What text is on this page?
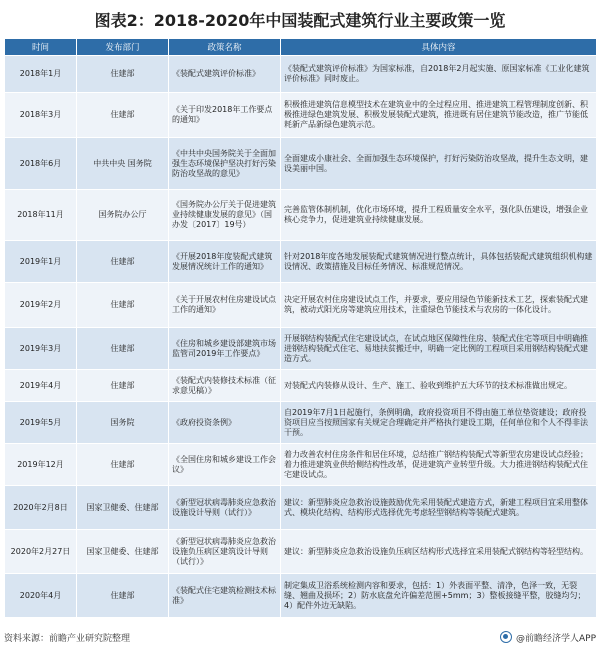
图表2：2018-2020年中国装配式建筑行业主要政策一览
时间	发布部门	政策名称	具体内容
2018年1月	住建部	《装配式建筑评价标准》	《装配式建筑评价标准》为国家标准，自2018年2月起实施、原国家标准《工业化建筑评价标准》同时废止。
2018年3月	住建部	《关于印发2018年工作要点的通知》	积极推进建筑信息模型技术在建筑业中的全过程应用、推进建筑工程管理制度创新、积极推进绿色建筑发展、积极发展装配式建筑，推进既有居住建筑节能改造，推广节能低耗新产品新绿色建筑示范。
2018年6月	中共中央 国务院	《中共中央国务院关于全面加强生态环境保护坚决打好污染防治攻坚战的意见》	全面建成小康社会、全面加强生态环境保护，打好污染防治攻坚战，提升生态文明，建设美丽中国。
2018年11月	国务院办公厅	《国务院办公厅关于促进建筑业持续健康发展的意见》（国办发〔2017〕19号）	完善监管体制机制，优化市场环境，提升工程质量安全水平，强化队伍建设，增强企业核心竞争力，促进建筑业持续健康发展。
2019年1月	住建部	《开展2018年度装配式建筑发展情况统计工作的通知》	针对2018年度各地发展装配式建筑情况进行整点统计，具体包括装配式建筑组织机构建设情况、政策措施及目标任务情况、标准规范情况。
2019年2月	住建部	《关于开展农村住房建设试点工作的通知》	决定开展农村住房建设试点工作，并要求，要应用绿色节能新技术工艺，探索装配式建筑，被动式阳光房等建筑应用技术，注重绿色节能技术与农房的一体化设计。
2019年3月	住建部	《住房和城乡建设部建筑市场监管司2019年工作要点》	开展钢结构装配式住宅建设试点，在试点地区保障性住房、装配式住宅等项目中明确推进钢结构装配式住宅、易地扶贫搬迁中，明确一定比例的工程项目采用钢结构装配式建造方式。
2019年4月	住建部	《装配式内装修技术标准（征求意见稿）》	对装配式内装修从设计、生产、施工、验收到维护五大环节的技术标准做出规定。
2019年5月	国务院	《政府投资条例》	自2019年7月1日起施行，条例明确，政府投资项目不得由施工单位垫资建设；政府投资项目应当按照国家有关规定合理确定并严格执行建设工期，任何单位和个人不得非法干预。
2019年12月	住建部	《全国住房和城乡建设工作会议》	着力改善农村住房条件和居住环境，总结推广钢结构装配式等新型农房建设试点经验；着力推进建筑业供给侧结构性改革，促进建筑产业转型升级。大力推进钢结构装配式住宅建设试点。
2020年2月8日	国家卫健委、住建部	《新型冠状病毒肺炎应急救治设施设计导则（试行）》	建议：新型肺炎应急救治设施鼓励优先采用装配式建造方式，新建工程项目宜采用整体式、模块化结构、结构形式选择优先考虑轻型钢结构等装配式建筑。
2020年2月27日	国家卫健委、住建部	《新型冠状病毒肺炎应急救治设施负压病区建筑设计导则（试行）》	建议：新型肺炎应急救治设施负压病区结构形式选择宜采用装配式钢结构等轻型结构。
2020年4月	住建部	《装配式住宅建筑检测技术标准》	制定集成卫浴系统检测内容和要求，包括：1）外表面平整、清净，色泽一致，无裂缝、翘曲及损坏；2）防水底盘允许偏差范围+5mm；3）整板接缝平整，胶缝均匀；4）配件外边无缺陷。
资料来源：前瞻产业研究院整理	@前瞻经济学人APP
